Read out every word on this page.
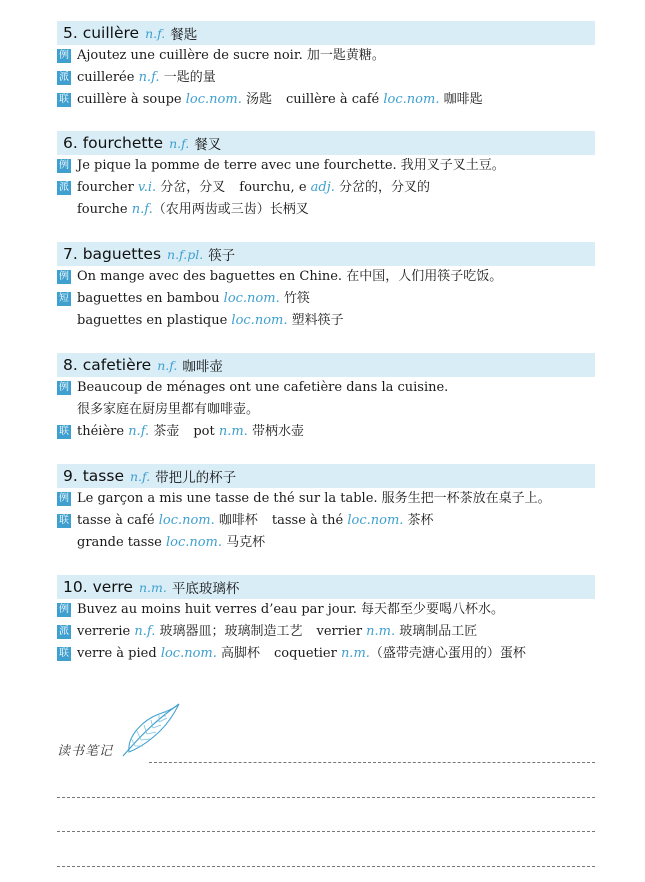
5. cuillère n.f. 餐匙
例 Ajoutez une cuillère de sucre noir. 加一匙黄糖。
派 cuillerée n.f. 一匙的量
联 cuillère à soupe loc.nom. 汤匙 cuillère à café loc.nom. 咖啡匙
6. fourchette n.f. 餐叉
例 Je pique la pomme de terre avec une fourchette. 我用叉子叉土豆。
派 fourcher v.i. 分岔，分叉 fourchu, e adj. 分岔的，分叉的
fourche n.f.（农用两齿或三齿）长柄叉
7. baguettes n.f.pl. 筷子
例 On mange avec des baguettes en Chine. 在中国，人们用筷子吃饭。
短 baguettes en bambou loc.nom. 竹筷
baguettes en plastique loc.nom. 塑料筷子
8. cafetière n.f. 咖啡壶
例 Beaucoup de ménages ont une cafetière dans la cuisine.
很多家庭在厨房里都有咖啡壶。
联 théière n.f. 茶壶 pot n.m. 带柄水壶
9. tasse n.f. 带把儿的杯子
例 Le garçon a mis une tasse de thé sur la table. 服务生把一杯茶放在桌子上。
联 tasse à café loc.nom. 咖啡杯 tasse à thé loc.nom. 茶杯
grande tasse loc.nom. 马克杯
10. verre n.m. 平底玻璃杯
例 Buvez au moins huit verres d’eau par jour. 每天都至少要喝八杯水。
派 verrerie n.f. 玻璃器皿；玻璃制造工艺 verrier n.m. 玻璃制品工匠
联 verre à pied loc.nom. 高脚杯 coquetier n.m.（盛带壳溏心蛋用的）蛋杯
读书笔记
